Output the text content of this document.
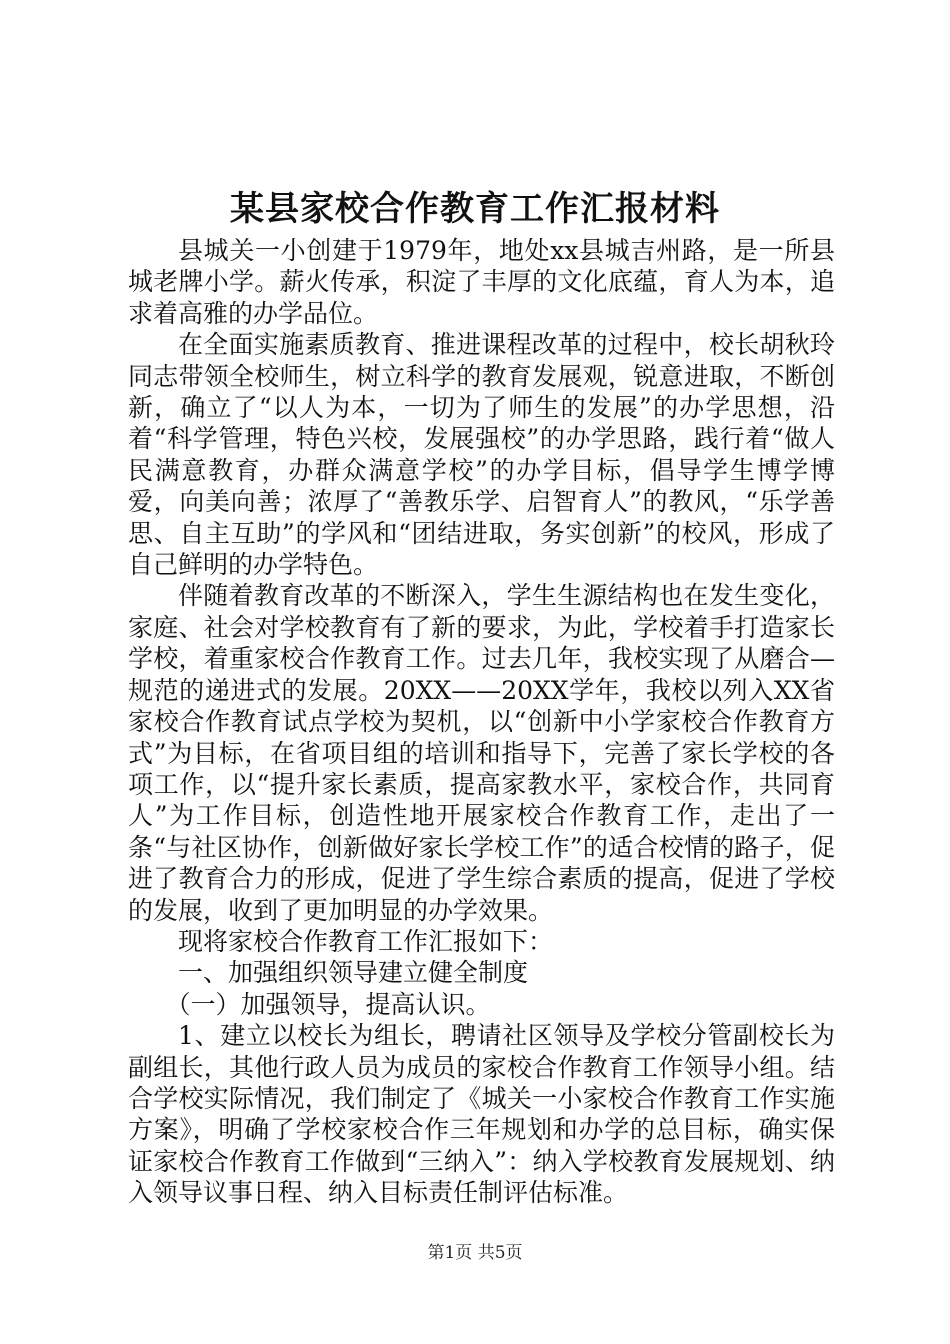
某县家校合作教育工作汇报材料

县城关一小创建于1979年，地处xx县城吉州路，是一所县城老牌小学。薪火传承，积淀了丰厚的文化底蕴，育人为本，追求着高雅的办学品位。

在全面实施素质教育、推进课程改革的过程中，校长胡秋玲同志带领全校师生，树立科学的教育发展观，锐意进取，不断创新，确立了“以人为本，一切为了师生的发展”的办学思想，沿着“科学管理，特色兴校，发展强校”的办学思路，践行着“做人民满意教育，办群众满意学校”的办学目标，倡导学生博学博爱，向美向善；浓厚了“善教乐学、启智育人”的教风，“乐学善思、自主互助”的学风和“团结进取，务实创新”的校风，形成了自己鲜明的办学特色。

伴随着教育改革的不断深入，学生生源结构也在发生变化，家庭、社会对学校教育有了新的要求，为此，学校着手打造家长学校，着重家校合作教育工作。过去几年，我校实现了从磨合—规范的递进式的发展。20XX——20XX学年，我校以列入XX省家校合作教育试点学校为契机，以“创新中小学家校合作教育方式”为目标，在省项目组的培训和指导下，完善了家长学校的各项工作，以“提升家长素质，提高家教水平，家校合作，共同育人”为工作目标，创造性地开展家校合作教育工作，走出了一条“与社区协作，创新做好家长学校工作”的适合校情的路子，促进了教育合力的形成，促进了学生综合素质的提高，促进了学校的发展，收到了更加明显的办学效果。

现将家校合作教育工作汇报如下：

一、加强组织领导建立健全制度

（一）加强领导，提高认识。

1、建立以校长为组长，聘请社区领导及学校分管副校长为副组长，其他行政人员为成员的家校合作教育工作领导小组。结合学校实际情况，我们制定了《城关一小家校合作教育工作实施方案》，明确了学校家校合作三年规划和办学的总目标，确实保证家校合作教育工作做到“三纳入”：纳入学校教育发展规划、纳入领导议事日程、纳入目标责任制评估标准。

第1页 共5页
